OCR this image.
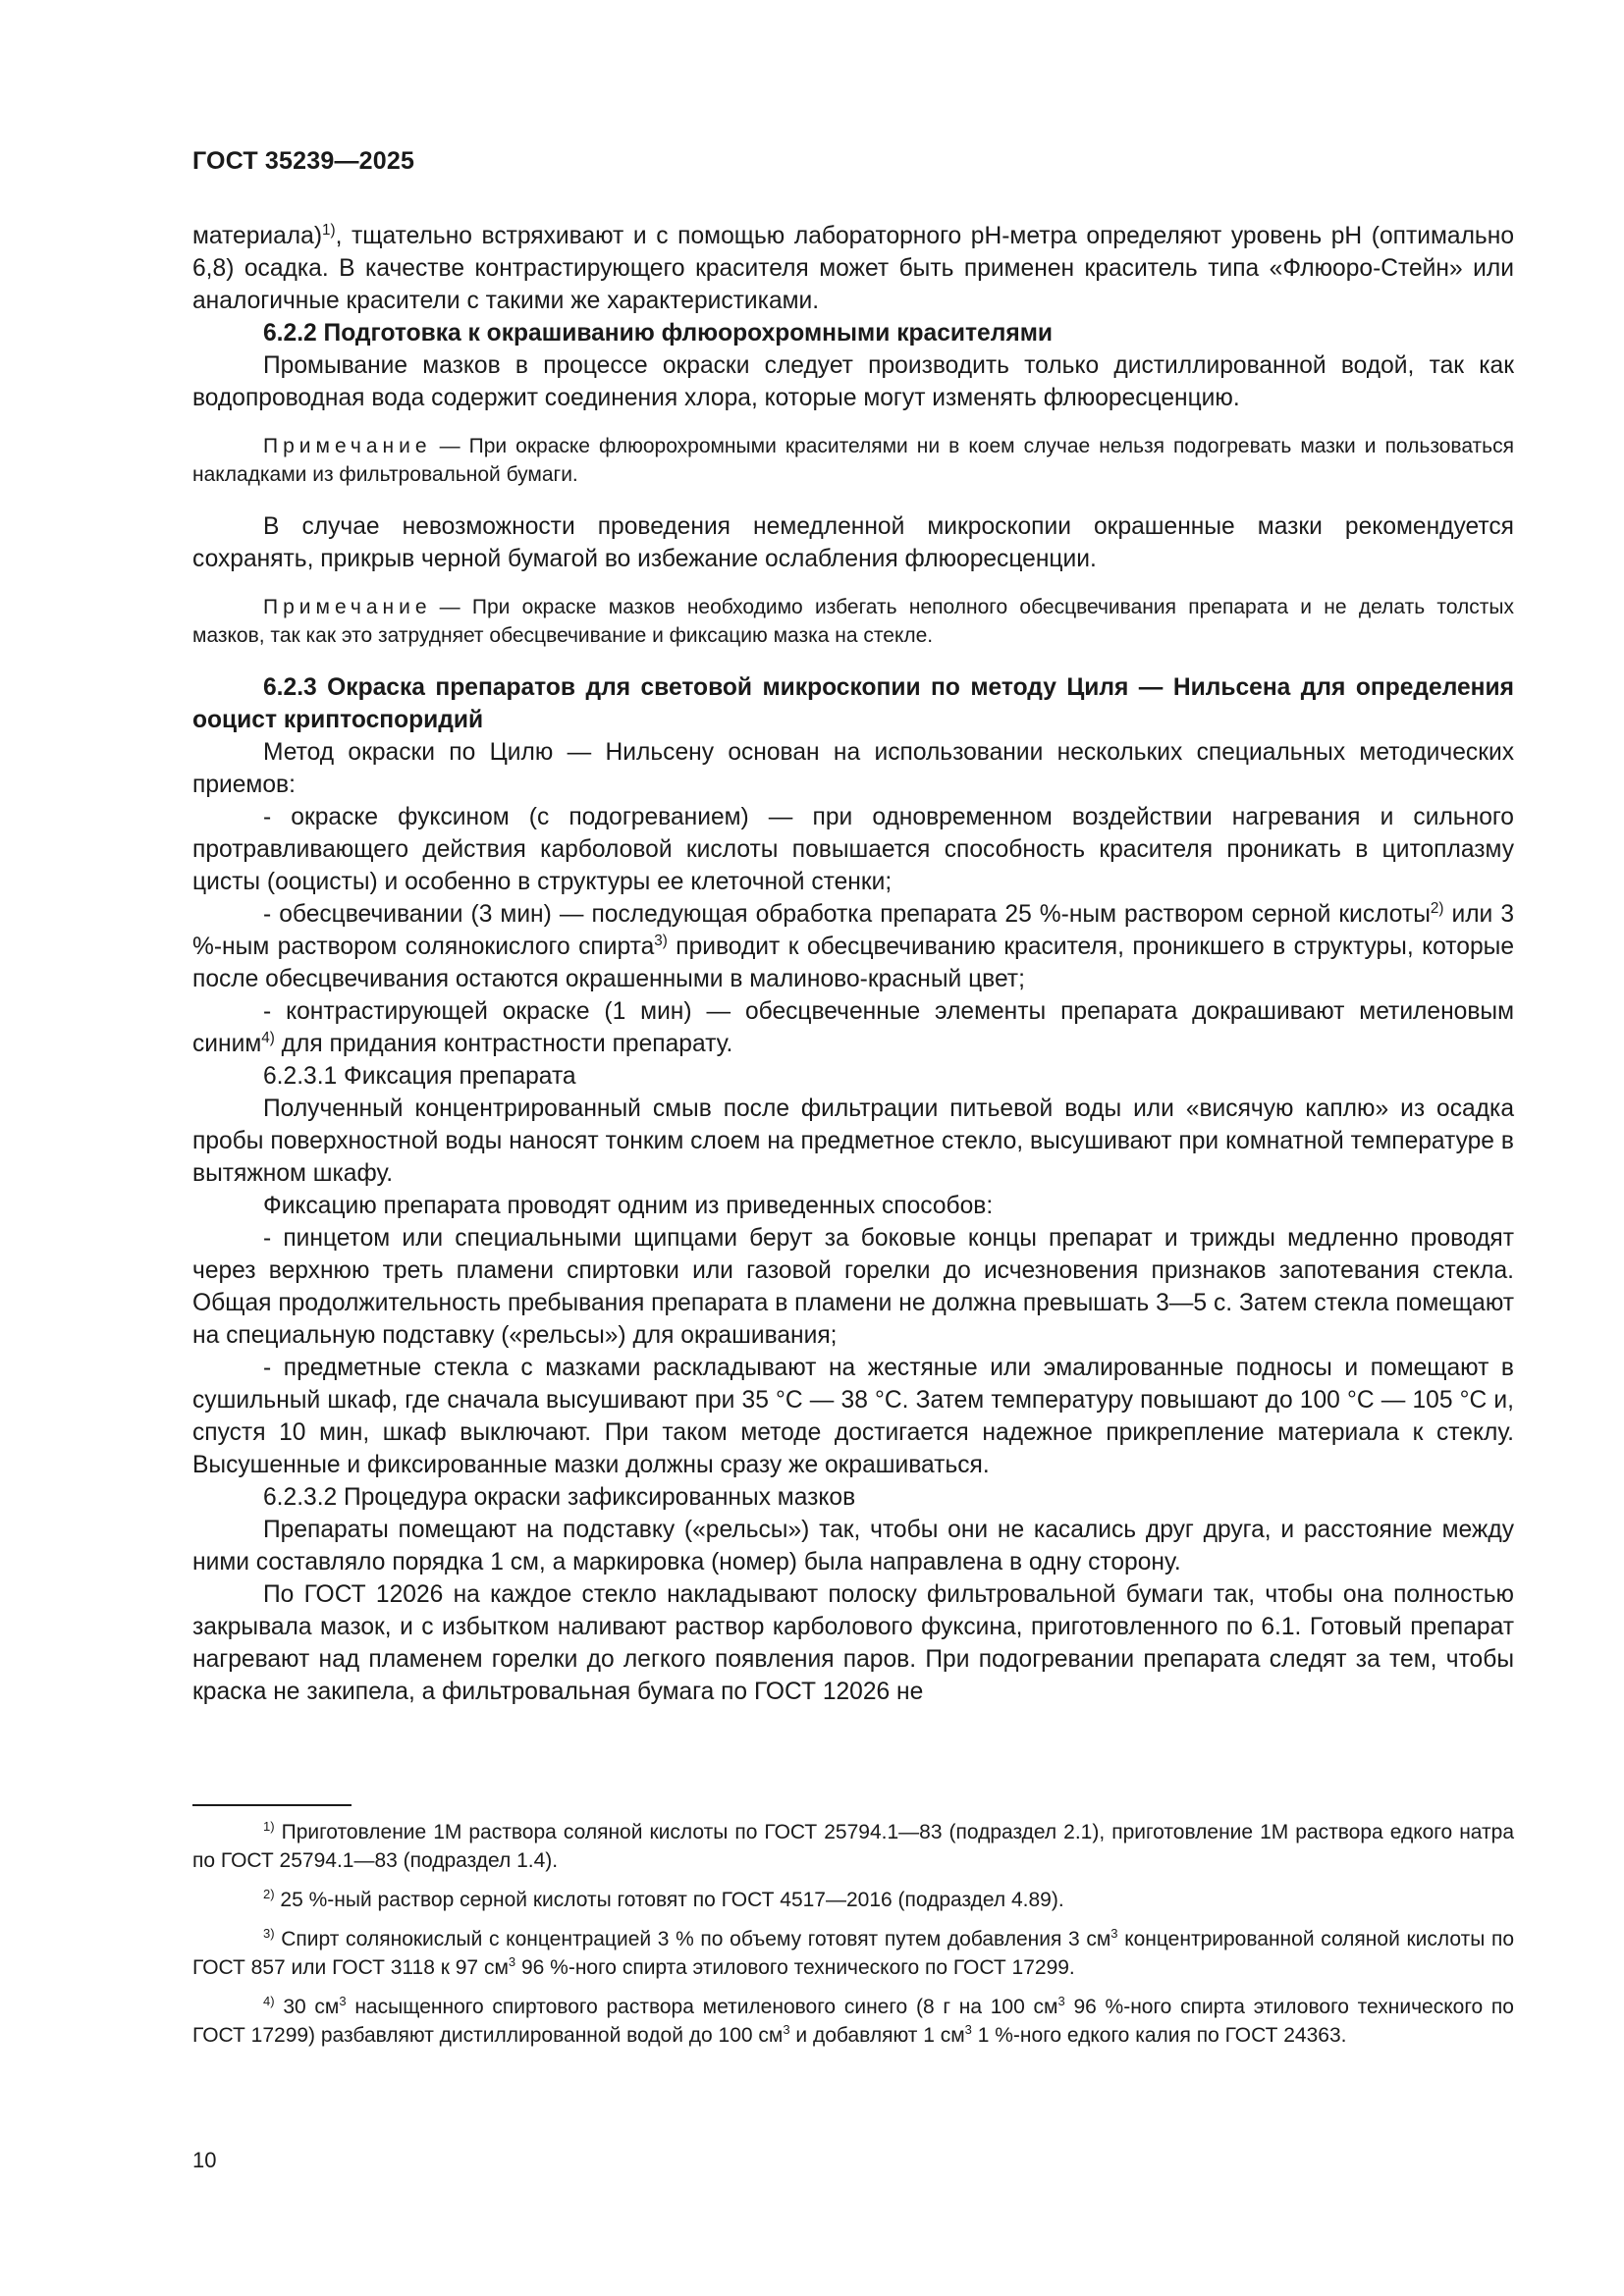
ГОСТ 35239—2025

материала)$^{1)}$, тщательно встряхивают и с помощью лабораторного pH-метра определяют уровень pH (оптимально 6,8) осадка. В качестве контрастирующего красителя может быть применен краситель типа «Флюоро-Стейн» или аналогичные красители с такими же характеристиками.

6.2.2 Подготовка к окрашиванию флюорохромными красителями

Промывание мазков в процессе окраски следует производить только дистиллированной водой, так как водопроводная вода содержит соединения хлора, которые могут изменять флюоресценцию.

Примечание — При окраске флюорохромными красителями ни в коем случае нельзя подогревать мазки и пользоваться накладками из фильтровальной бумаги.

В случае невозможности проведения немедленной микроскопии окрашенные мазки рекомендуется сохранять, прикрыв черной бумагой во избежание ослабления флюоресценции.

Примечание — При окраске мазков необходимо избегать неполного обесцвечивания препарата и не делать толстых мазков, так как это затрудняет обесцвечивание и фиксацию мазка на стекле.

6.2.3 Окраска препаратов для световой микроскопии по методу Циля — Нильсена для определения ооцист криптоспоридий

Метод окраски по Цилю — Нильсену основан на использовании нескольких специальных методических приемов:

- окраске фуксином (с подогреванием) — при одновременном воздействии нагревания и сильного протравливающего действия карболовой кислоты повышается способность красителя проникать в цитоплазму цисты (ооцисты) и особенно в структуры ее клеточной стенки;

- обесцвечивании (3 мин) — последующая обработка препарата 25 %-ным раствором серной кислоты$^{2)}$ или 3 %-ным раствором солянокислого спирта$^{3)}$ приводит к обесцвечиванию красителя, проникшего в структуры, которые после обесцвечивания остаются окрашенными в малиново-красный цвет;

- контрастирующей окраске (1 мин) — обесцвеченные элементы препарата докрашивают метиленовым синим$^{4)}$ для придания контрастности препарату.

6.2.3.1 Фиксация препарата

Полученный концентрированный смыв после фильтрации питьевой воды или «висячую каплю» из осадка пробы поверхностной воды наносят тонким слоем на предметное стекло, высушивают при комнатной температуре в вытяжном шкафу.

Фиксацию препарата проводят одним из приведенных способов:

- пинцетом или специальными щипцами берут за боковые концы препарат и трижды медленно проводят через верхнюю треть пламени спиртовки или газовой горелки до исчезновения признаков запотевания стекла. Общая продолжительность пребывания препарата в пламени не должна превышать 3—5 с. Затем стекла помещают на специальную подставку («рельсы») для окрашивания;

- предметные стекла с мазками раскладывают на жестяные или эмалированные подносы и помещают в сушильный шкаф, где сначала высушивают при 35 °C — 38 °C. Затем температуру повышают до 100 °C — 105 °C и, спустя 10 мин, шкаф выключают. При таком методе достигается надежное прикрепление материала к стеклу. Высушенные и фиксированные мазки должны сразу же окрашиваться.

6.2.3.2 Процедура окраски зафиксированных мазков

Препараты помещают на подставку («рельсы») так, чтобы они не касались друг друга, и расстояние между ними составляло порядка 1 см, а маркировка (номер) была направлена в одну сторону.

По ГОСТ 12026 на каждое стекло накладывают полоску фильтровальной бумаги так, чтобы она полностью закрывала мазок, и с избытком наливают раствор карболового фуксина, приготовленного по 6.1. Готовый препарат нагревают над пламенем горелки до легкого появления паров. При подогревании препарата следят за тем, чтобы краска не закипела, а фильтровальная бумага по ГОСТ 12026 не

$^{1)}$ Приготовление 1М раствора соляной кислоты по ГОСТ 25794.1—83 (подраздел 2.1), приготовление 1М раствора едкого натра по ГОСТ 25794.1—83 (подраздел 1.4).

$^{2)}$ 25 %-ный раствор серной кислоты готовят по ГОСТ 4517—2016 (подраздел 4.89).

$^{3)}$ Спирт солянокислый с концентрацией 3 % по объему готовят путем добавления 3 $см^3$ концентрированной соляной кислоты по ГОСТ 857 или ГОСТ 3118 к 97 $см^3$ 96 %-ного спирта этилового технического по ГОСТ 17299.

$^{4)}$ 30 $см^3$ насыщенного спиртового раствора метиленового синего (8 г на 100 $см^3$ 96 %-ного спирта этилового технического по ГОСТ 17299) разбавляют дистиллированной водой до 100 $см^3$ и добавляют 1 $см^3$ 1 %-ного едкого калия по ГОСТ 24363.

10
